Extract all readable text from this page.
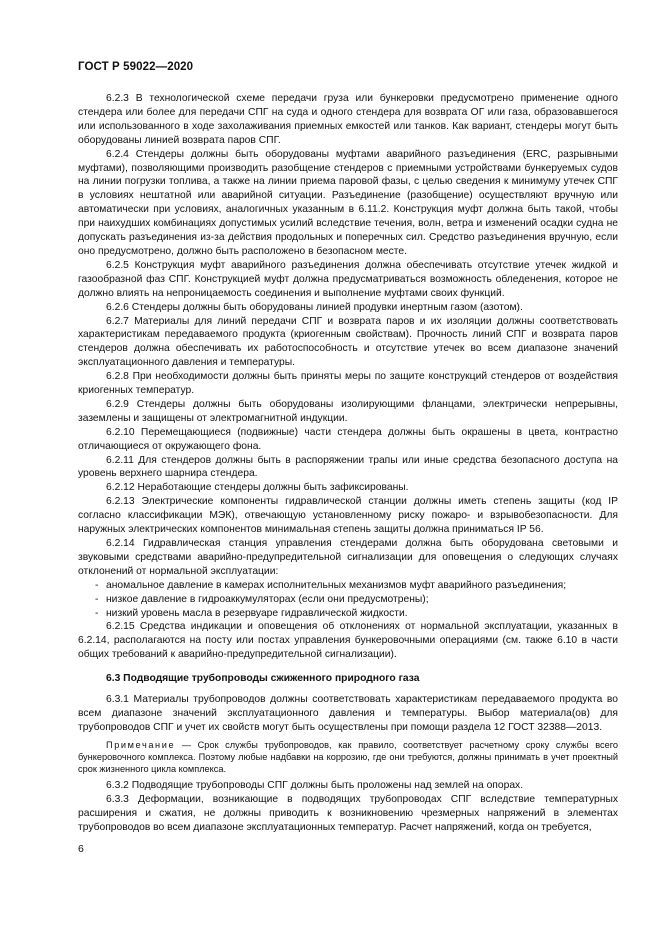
ГОСТ Р 59022—2020

6.2.3 В технологической схеме передачи груза или бункеровки предусмотрено применение одного стендера или более для передачи СПГ на суда и одного стендера для возврата ОГ или газа, образовавшегося или использованного в ходе захолаживания приемных емкостей или танков. Как вариант, стендеры могут быть оборудованы линией возврата паров СПГ.

6.2.4 Стендеры должны быть оборудованы муфтами аварийного разъединения (ERC, разрывными муфтами), позволяющими производить разобщение стендеров с приемными устройствами бункеруемых судов на линии погрузки топлива, а также на линии приема паровой фазы, с целью сведения к минимуму утечек СПГ в условиях нештатной или аварийной ситуации. Разъединение (разобщение) осуществляют вручную или автоматически при условиях, аналогичных указанным в 6.11.2. Конструкция муфт должна быть такой, чтобы при наихудших комбинациях допустимых усилий вследствие течения, волн, ветра и изменений осадки судна не допускать разъединения из-за действия продольных и поперечных сил. Средство разъединения вручную, если оно предусмотрено, должно быть расположено в безопасном месте.

6.2.5 Конструкция муфт аварийного разъединения должна обеспечивать отсутствие утечек жидкой и газообразной фаз СПГ. Конструкцией муфт должна предусматриваться возможность обледенения, которое не должно влиять на непроницаемость соединения и выполнение муфтами своих функций.

6.2.6 Стендеры должны быть оборудованы линией продувки инертным газом (азотом).

6.2.7 Материалы для линий передачи СПГ и возврата паров и их изоляции должны соответствовать характеристикам передаваемого продукта (криогенным свойствам). Прочность линий СПГ и возврата паров стендеров должна обеспечивать их работоспособность и отсутствие утечек во всем диапазоне значений эксплуатационного давления и температуры.

6.2.8 При необходимости должны быть приняты меры по защите конструкций стендеров от воздействия криогенных температур.

6.2.9 Стендеры должны быть оборудованы изолирующими фланцами, электрически непрерывны, заземлены и защищены от электромагнитной индукции.

6.2.10 Перемещающиеся (подвижные) части стендера должны быть окрашены в цвета, контрастно отличающиеся от окружающего фона.

6.2.11 Для стендеров должны быть в распоряжении трапы или иные средства безопасного доступа на уровень верхнего шарнира стендера.

6.2.12 Неработающие стендеры должны быть зафиксированы.

6.2.13 Электрические компоненты гидравлической станции должны иметь степень защиты (код IP согласно классификации МЭК), отвечающую установленному риску пожаро- и взрывобезопасности. Для наружных электрических компонентов минимальная степень защиты должна приниматься IP 56.

6.2.14 Гидравлическая станция управления стендерами должна быть оборудована световыми и звуковыми средствами аварийно-предупредительной сигнализации для оповещения о следующих случаях отклонений от нормальной эксплуатации:

- аномальное давление в камерах исполнительных механизмов муфт аварийного разъединения;

- низкое давление в гидроаккумуляторах (если они предусмотрены);

- низкий уровень масла в резервуаре гидравлической жидкости.

6.2.15 Средства индикации и оповещения об отклонениях от нормальной эксплуатации, указанных в 6.2.14, располагаются на посту или постах управления бункеровочными операциями (см. также 6.10 в части общих требований к аварийно-предупредительной сигнализации).

6.3 Подводящие трубопроводы сжиженного природного газа

6.3.1 Материалы трубопроводов должны соответствовать характеристикам передаваемого продукта во всем диапазоне значений эксплуатационного давления и температуры. Выбор материала(ов) для трубопроводов СПГ и учет их свойств могут быть осуществлены при помощи раздела 12 ГОСТ 32388—2013.

Примечание — Срок службы трубопроводов, как правило, соответствует расчетному сроку службы всего бункеровочного комплекса. Поэтому любые надбавки на коррозию, где они требуются, должны принимать в учет проектный срок жизненного цикла комплекса.

6.3.2 Подводящие трубопроводы СПГ должны быть проложены над землей на опорах.

6.3.3 Деформации, возникающие в подводящих трубопроводах СПГ вследствие температурных расширения и сжатия, не должны приводить к возникновению чрезмерных напряжений в элементах трубопроводов во всем диапазоне эксплуатационных температур. Расчет напряжений, когда он требуется,

6
